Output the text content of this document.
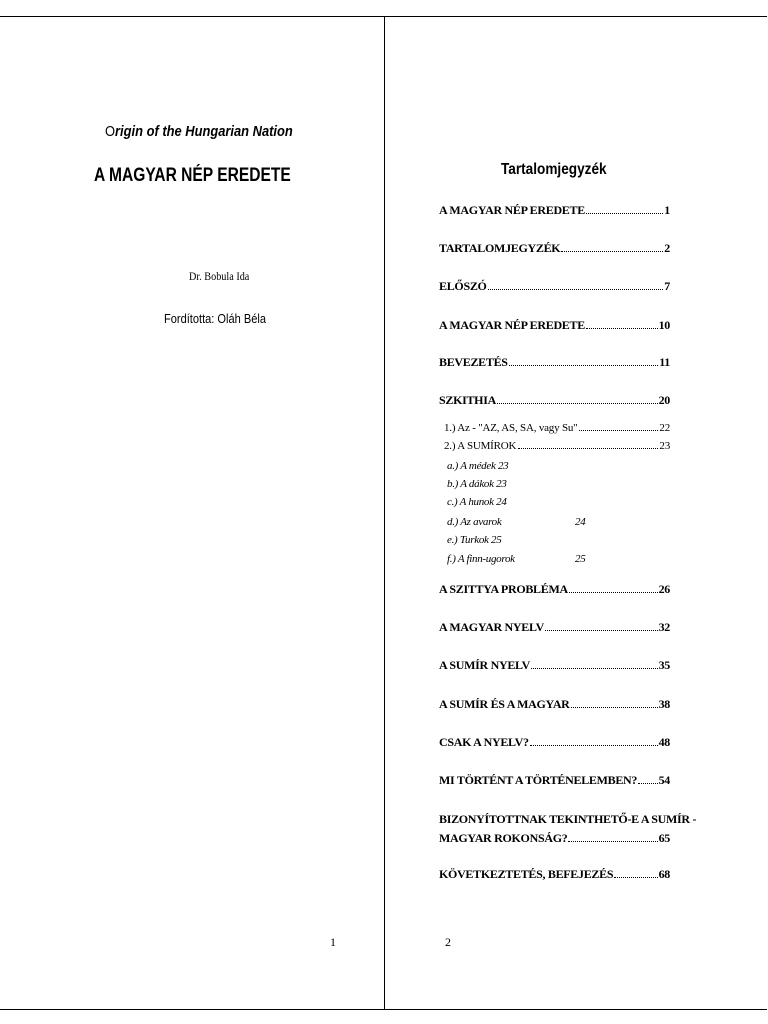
Origin of the Hungarian Nation
A MAGYAR NÉP EREDETE
Dr. Bobula Ida
Fordította: Oláh Béla
1
Tartalomjegyzék
A MAGYAR NÉP EREDETE	1
TARTALOMJEGYZÉK	2
ELŐSZÓ	7
A MAGYAR NÉP EREDETE	10
BEVEZETÉS	11
SZKITHIA	20
1.) Az - "AZ, AS, SA, vagy Su"	22
2.) A SUMÍROK	23
a.) A médek 23
b.) A dákok 23
c.) A hunok 24
d.) Az avarok	24
e.) Turkok 25
f.) A finn-ugorok	25
A SZITTYA PROBLÉMA	26
A MAGYAR NYELV	32
A SUMÍR NYELV	35
A SUMÍR ÉS A MAGYAR	38
CSAK A NYELV?	48
MI TÖRTÉNT A TÖRTÉNELEMBEN? 54
BIZONYÍTOTTNAK TEKINTHETŐ-E A SUMÍR -
MAGYAR ROKONSÁG?	65
KÖVETKEZTETÉS, BEFEJEZÉS	68
2
